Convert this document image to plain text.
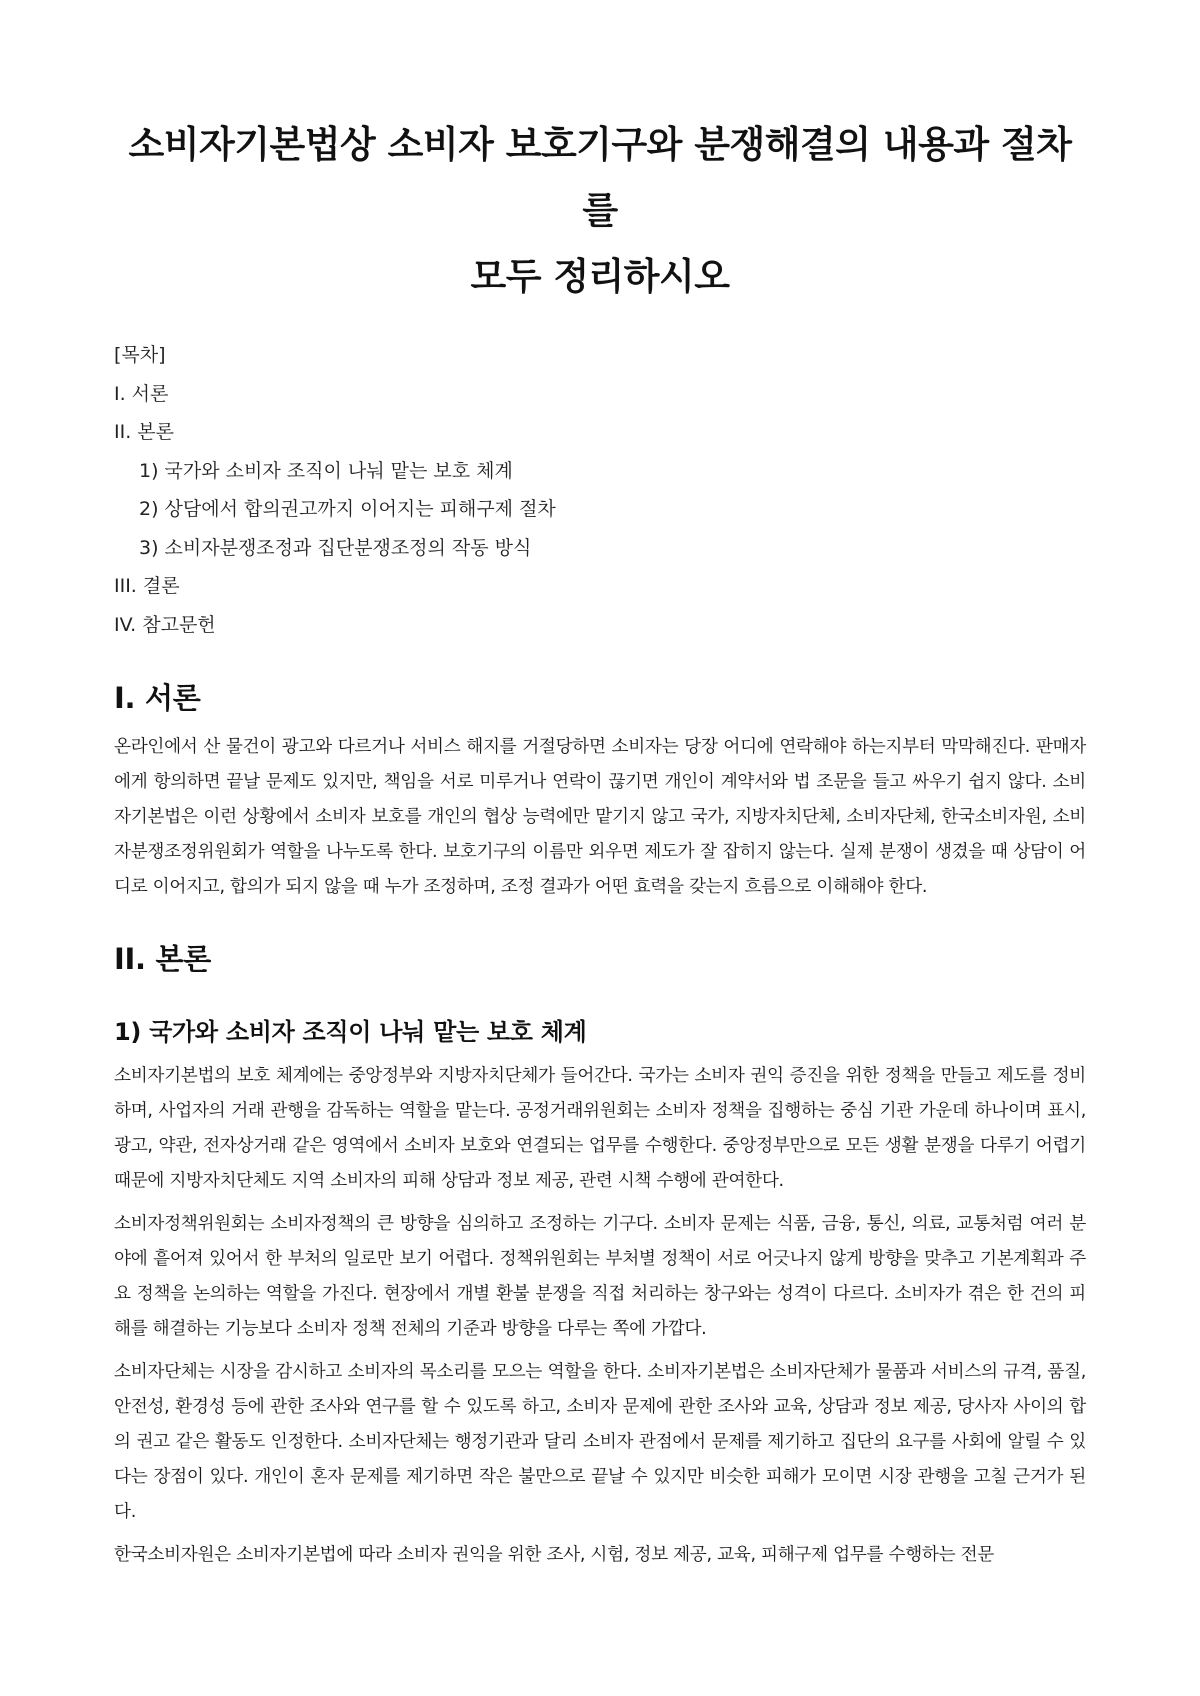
소비자기본법상 소비자 보호기구와 분쟁해결의 내용과 절차를
모두 정리하시오
[목차]
I. 서론
II. 본론
1) 국가와 소비자 조직이 나눠 맡는 보호 체계
2) 상담에서 합의권고까지 이어지는 피해구제 절차
3) 소비자분쟁조정과 집단분쟁조정의 작동 방식
III. 결론
IV. 참고문헌
I. 서론

온라인에서 산 물건이 광고와 다르거나 서비스 해지를 거절당하면 소비자는 당장 어디에 연락해야 하는지부터 막막해진다. 판매자에게 항의하면 끝날 문제도 있지만, 책임을 서로 미루거나 연락이 끊기면 개인이 계약서와 법 조문을 들고 싸우기 쉽지 않다. 소비자기본법은 이런 상황에서 소비자 보호를 개인의 협상 능력에만 맡기지 않고 국가, 지방자치단체, 소비자단체, 한국소비자원, 소비자분쟁조정위원회가 역할을 나누도록 한다. 보호기구의 이름만 외우면 제도가 잘 잡히지 않는다. 실제 분쟁이 생겼을 때 상담이 어디로 이어지고, 합의가 되지 않을 때 누가 조정하며, 조정 결과가 어떤 효력을 갖는지 흐름으로 이해해야 한다.

II. 본론
1) 국가와 소비자 조직이 나눠 맡는 보호 체계

소비자기본법의 보호 체계에는 중앙정부와 지방자치단체가 들어간다. 국가는 소비자 권익 증진을 위한 정책을 만들고 제도를 정비하며, 사업자의 거래 관행을 감독하는 역할을 맡는다. 공정거래위원회는 소비자 정책을 집행하는 중심 기관 가운데 하나이며 표시, 광고, 약관, 전자상거래 같은 영역에서 소비자 보호와 연결되는 업무를 수행한다. 중앙정부만으로 모든 생활 분쟁을 다루기 어렵기 때문에 지방자치단체도 지역 소비자의 피해 상담과 정보 제공, 관련 시책 수행에 관여한다.

소비자정책위원회는 소비자정책의 큰 방향을 심의하고 조정하는 기구다. 소비자 문제는 식품, 금융, 통신, 의료, 교통처럼 여러 분야에 흩어져 있어서 한 부처의 일로만 보기 어렵다. 정책위원회는 부처별 정책이 서로 어긋나지 않게 방향을 맞추고 기본계획과 주요 정책을 논의하는 역할을 가진다. 현장에서 개별 환불 분쟁을 직접 처리하는 창구와는 성격이 다르다. 소비자가 겪은 한 건의 피해를 해결하는 기능보다 소비자 정책 전체의 기준과 방향을 다루는 쪽에 가깝다.

소비자단체는 시장을 감시하고 소비자의 목소리를 모으는 역할을 한다. 소비자기본법은 소비자단체가 물품과 서비스의 규격, 품질, 안전성, 환경성 등에 관한 조사와 연구를 할 수 있도록 하고, 소비자 문제에 관한 조사와 교육, 상담과 정보 제공, 당사자 사이의 합의 권고 같은 활동도 인정한다. 소비자단체는 행정기관과 달리 소비자 관점에서 문제를 제기하고 집단의 요구를 사회에 알릴 수 있다는 장점이 있다. 개인이 혼자 문제를 제기하면 작은 불만으로 끝날 수 있지만 비슷한 피해가 모이면 시장 관행을 고칠 근거가 된다.

한국소비자원은 소비자기본법에 따라 소비자 권익을 위한 조사, 시험, 정보 제공, 교육, 피해구제 업무를 수행하는 전문
